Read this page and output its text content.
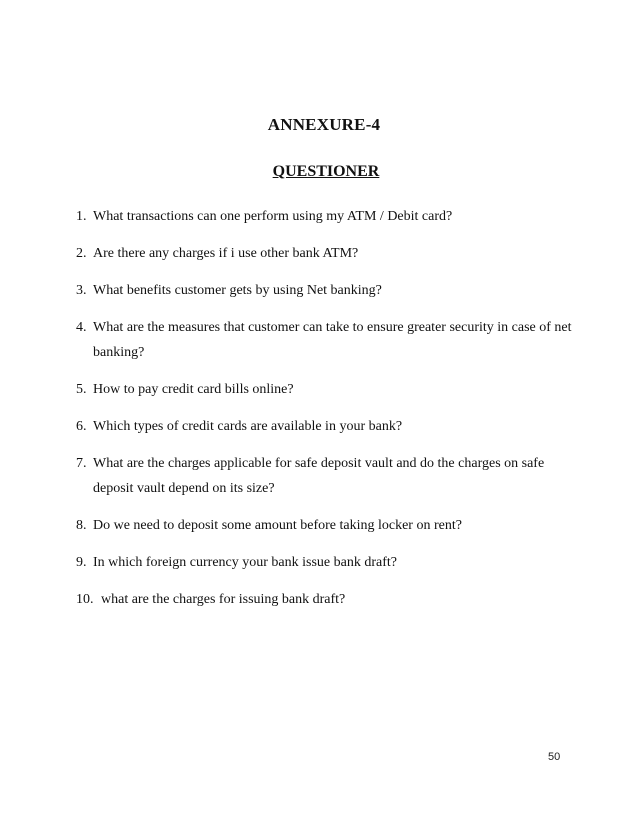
ANNEXURE-4
QUESTIONER
1. What transactions can one perform using my ATM / Debit card?
2. Are there any charges if i use other bank ATM?
3. What benefits customer gets by using Net banking?
4. What are the measures that customer can take to ensure greater security in case of net banking?
5. How to pay credit card bills online?
6. Which types of credit cards are available in your bank?
7. What are the charges applicable for safe deposit vault and do the charges on safe deposit vault depend on its size?
8. Do we need to deposit some amount before taking locker on rent?
9. In which foreign currency your bank issue bank draft?
10. what are the charges for issuing bank draft?
50
